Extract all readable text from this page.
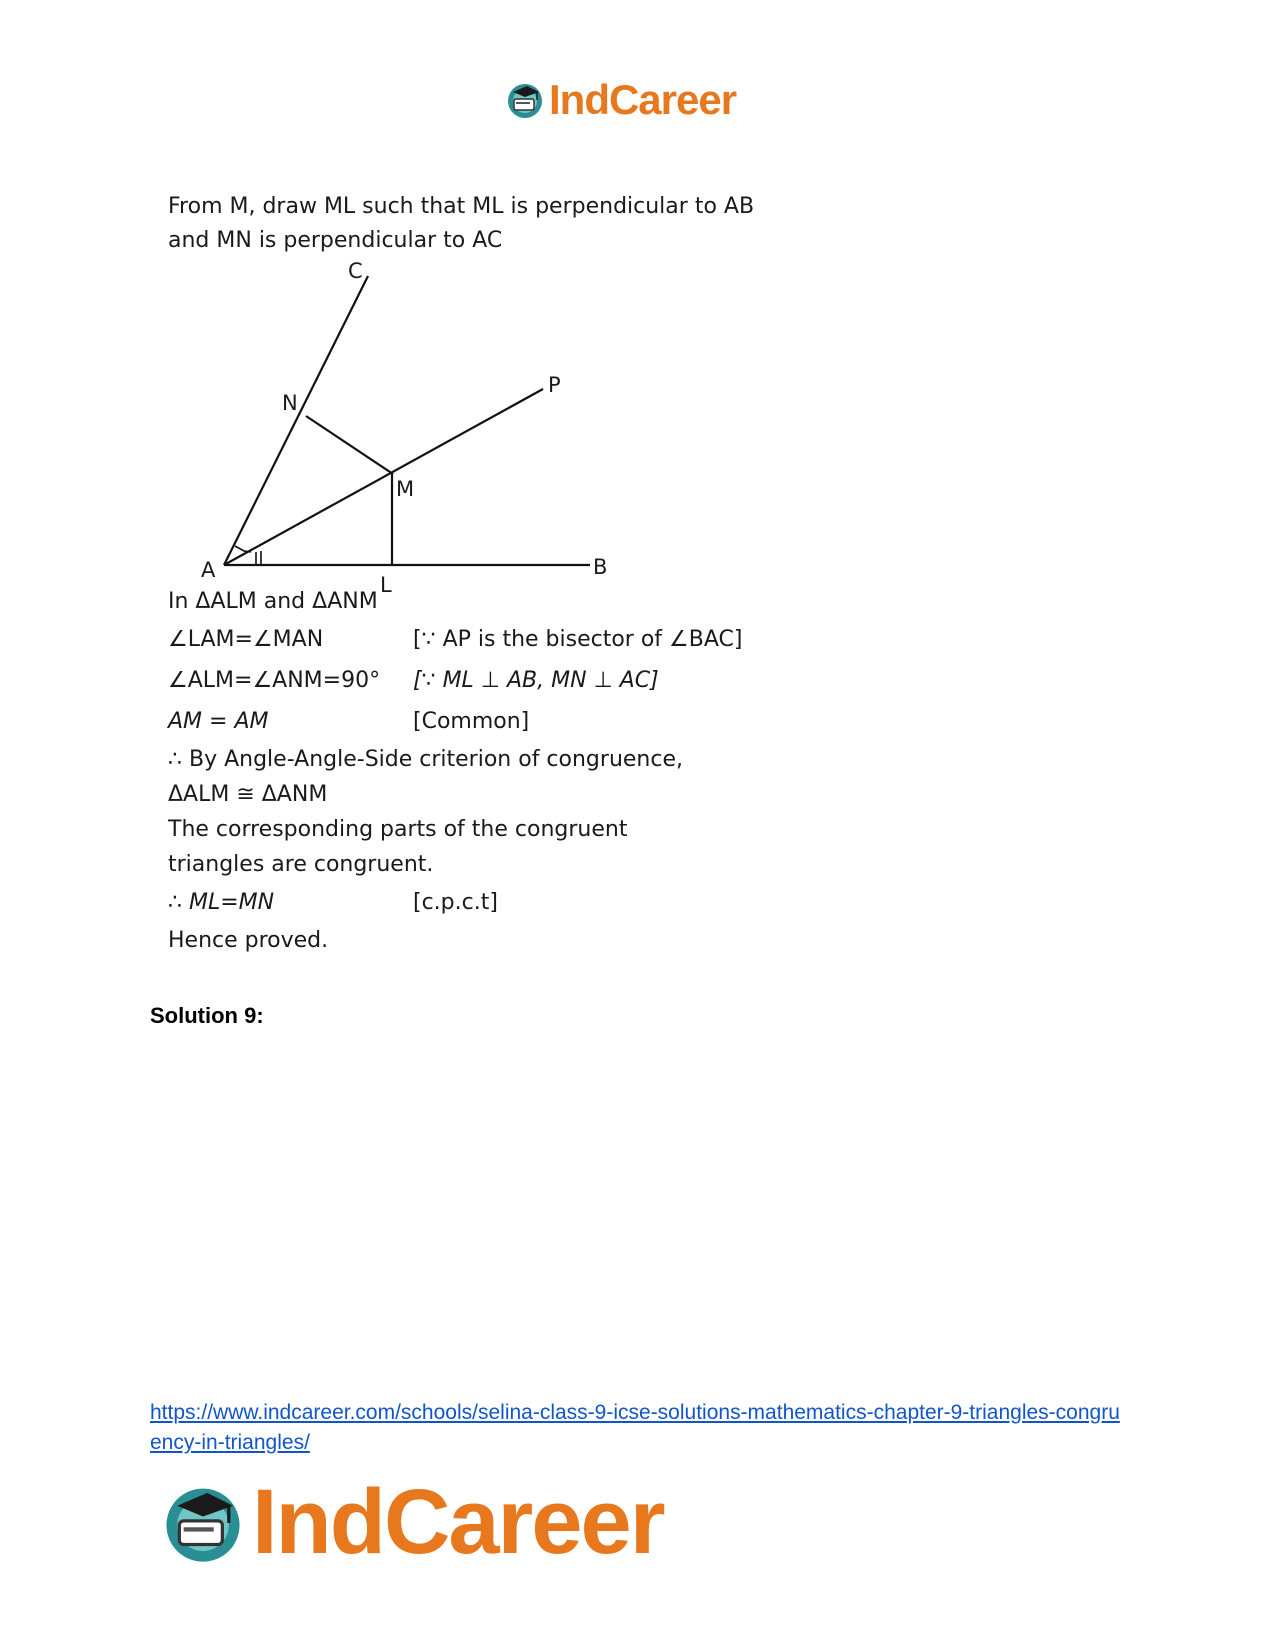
IndCareer

From M, draw ML such that ML is perpendicular to AB

and MN is perpendicular to AC

A	B
C
P
N
M
L
In ΔALM and ΔANM
∠LAM=∠MAN	[∵ AP is the bisector of ∠BAC]
∠ALM=∠ANM=90°	[∵ ML ⊥ AB, MN ⊥ AC]
AM = AM	[Common]
∴ By Angle-Angle-Side criterion of congruence,
ΔALM ≅ ΔANM
The corresponding parts of the congruent
triangles are congruent.
∴ ML=MN	[c.p.c.t]
Hence proved.
Solution 9:
https://www.indcareer.com/schools/selina-class-9-icse-solutions-mathematics-chapter-9-triangles-congruency-in-triangles/
IndCareer
